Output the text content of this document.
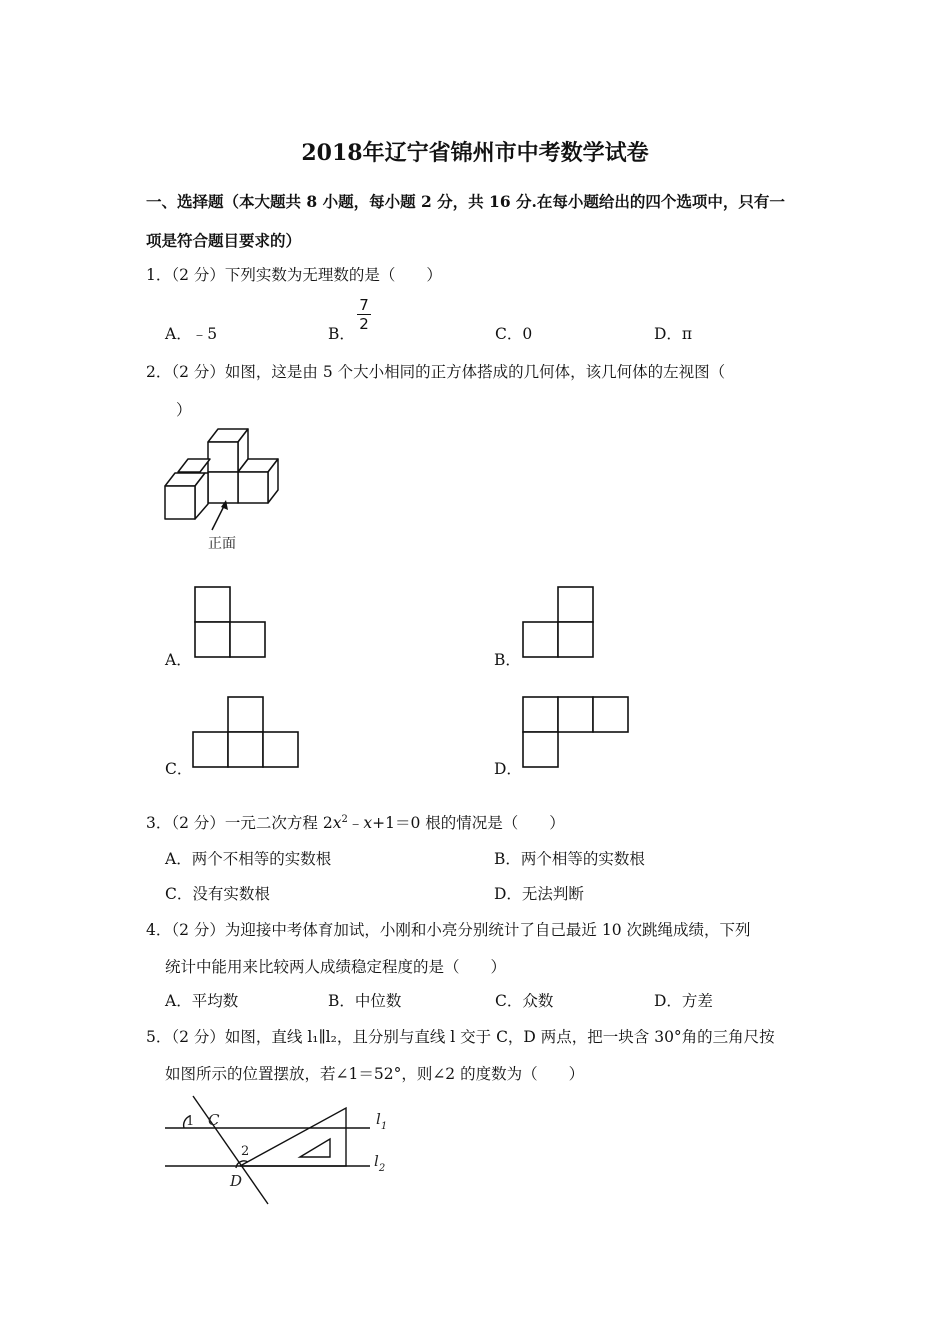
2018年辽宁省锦州市中考数学试卷
一、选择题（本大题共 8 小题，每小题 2 分，共 16 分.在每小题给出的四个选项中，只有一
项是符合题目要求的）
1．（2 分）下列实数为无理数的是（　　）
A．﹣5	B．
7
2
C．0	D．π
2．（2 分）如图，这是由 5 个大小相同的正方体搭成的几何体，该几何体的左视图（
）
正面
A．	B．
C．	D．
3．（2 分）一元二次方程 $2x^2﹣x+1=0$ 根的情况是（　　）
A．两个不相等的实数根	B．两个相等的实数根
C．没有实数根	D．无法判断
4．（2 分）为迎接中考体育加试，小刚和小亮分别统计了自己最近 10 次跳绳成绩，下列
统计中能用来比较两人成绩稳定程度的是（　　）
A．平均数	B．中位数	C．众数	D．方差
5．（2 分）如图，直线 l₁∥l₂，且分别与直线 l 交于 C，D 两点，把一块含 30°角的三角尺按
如图所示的位置摆放，若∠1＝52°，则∠2 的度数为（　　）
1 C
2
D
$l_1$
$l_2$
